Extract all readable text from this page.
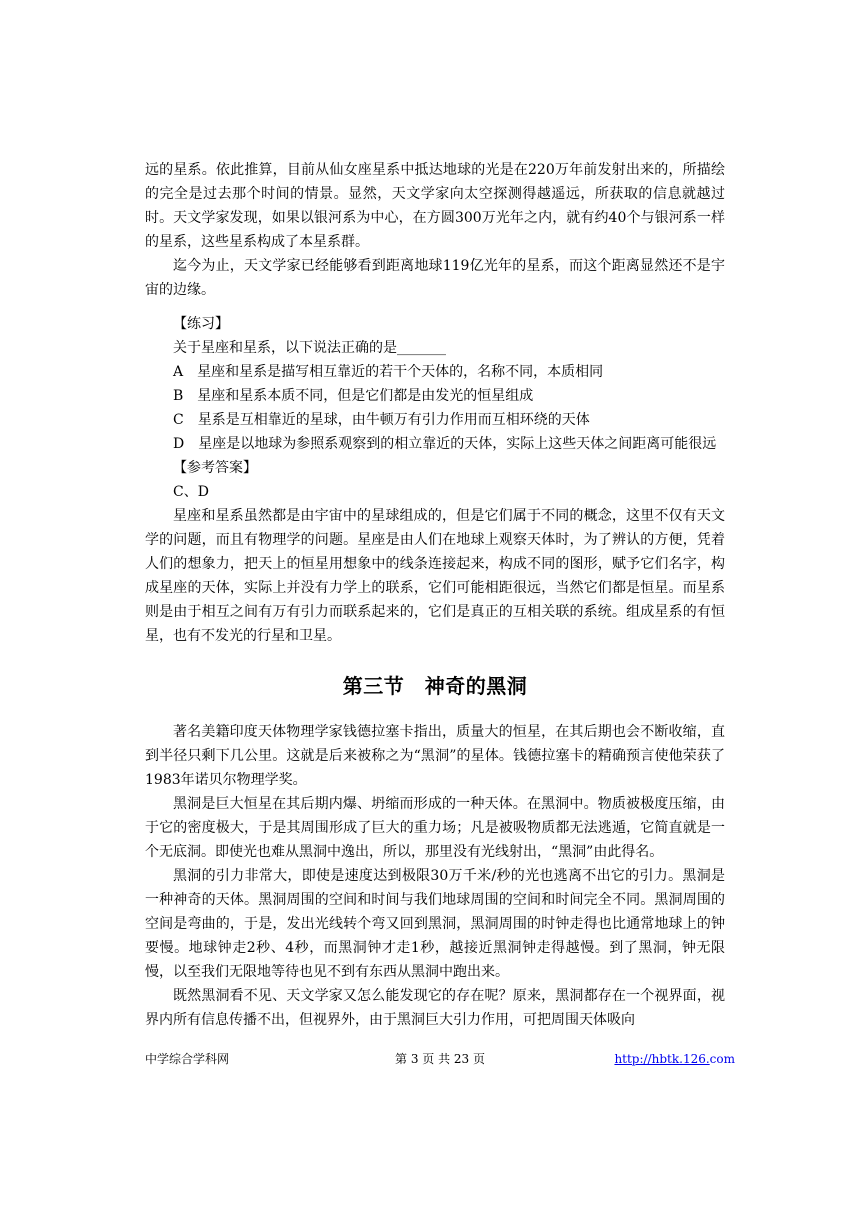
远的星系。依此推算，目前从仙女座星系中抵达地球的光是在220万年前发射出来的，所描绘的完全是过去那个时间的情景。显然，天文学家向太空探测得越遥远，所获取的信息就越过时。天文学家发现，如果以银河系为中心，在方圆300万光年之内，就有约40个与银河系一样的星系，这些星系构成了本星系群。

迄今为止，天文学家已经能够看到距离地球119亿光年的星系，而这个距离显然还不是宇宙的边缘。

【练习】

关于星座和星系，以下说法正确的是_______

A　星座和星系是描写相互靠近的若干个天体的，名称不同，本质相同

B　星座和星系本质不同，但是它们都是由发光的恒星组成

C　星系是互相靠近的星球，由牛顿万有引力作用而互相环绕的天体

D　星座是以地球为参照系观察到的相立靠近的天体，实际上这些天体之间距离可能很远

【参考答案】

C、D

星座和星系虽然都是由宇宙中的星球组成的，但是它们属于不同的概念，这里不仅有天文学的问题，而且有物理学的问题。星座是由人们在地球上观察天体时，为了辨认的方便，凭着人们的想象力，把天上的恒星用想象中的线条连接起来，构成不同的图形，赋予它们名字，构成星座的天体，实际上并没有力学上的联系，它们可能相距很远，当然它们都是恒星。而星系则是由于相互之间有万有引力而联系起来的，它们是真正的互相关联的系统。组成星系的有恒星，也有不发光的行星和卫星。

第三节　神奇的黑洞

著名美籍印度天体物理学家钱德拉塞卡指出，质量大的恒星，在其后期也会不断收缩，直到半径只剩下几公里。这就是后来被称之为“黑洞”的星体。钱德拉塞卡的精确预言使他荣获了1983年诺贝尔物理学奖。

黑洞是巨大恒星在其后期内爆、坍缩而形成的一种天体。在黑洞中。物质被极度压缩，由于它的密度极大，于是其周围形成了巨大的重力场；凡是被吸物质都无法逃遁，它简直就是一个无底洞。即使光也难从黑洞中逸出，所以，那里没有光线射出，“黑洞”由此得名。

黑洞的引力非常大，即使是速度达到极限30万千米/秒的光也逃离不出它的引力。黑洞是一种神奇的天体。黑洞周围的空间和时间与我们地球周围的空间和时间完全不同。黑洞周围的空间是弯曲的，于是，发出光线转个弯又回到黑洞，黑洞周围的时钟走得也比通常地球上的钟要慢。地球钟走2秒、4秒，而黑洞钟才走1秒，越接近黑洞钟走得越慢。到了黑洞，钟无限慢，以至我们无限地等待也见不到有东西从黑洞中跑出来。

既然黑洞看不见、天文学家又怎么能发现它的存在呢？原来，黑洞都存在一个视界面，视界内所有信息传播不出，但视界外，由于黑洞巨大引力作用，可把周围天体吸向

中学综合学科网	第 3 页 共 23 页	http://hbtk.126.com
